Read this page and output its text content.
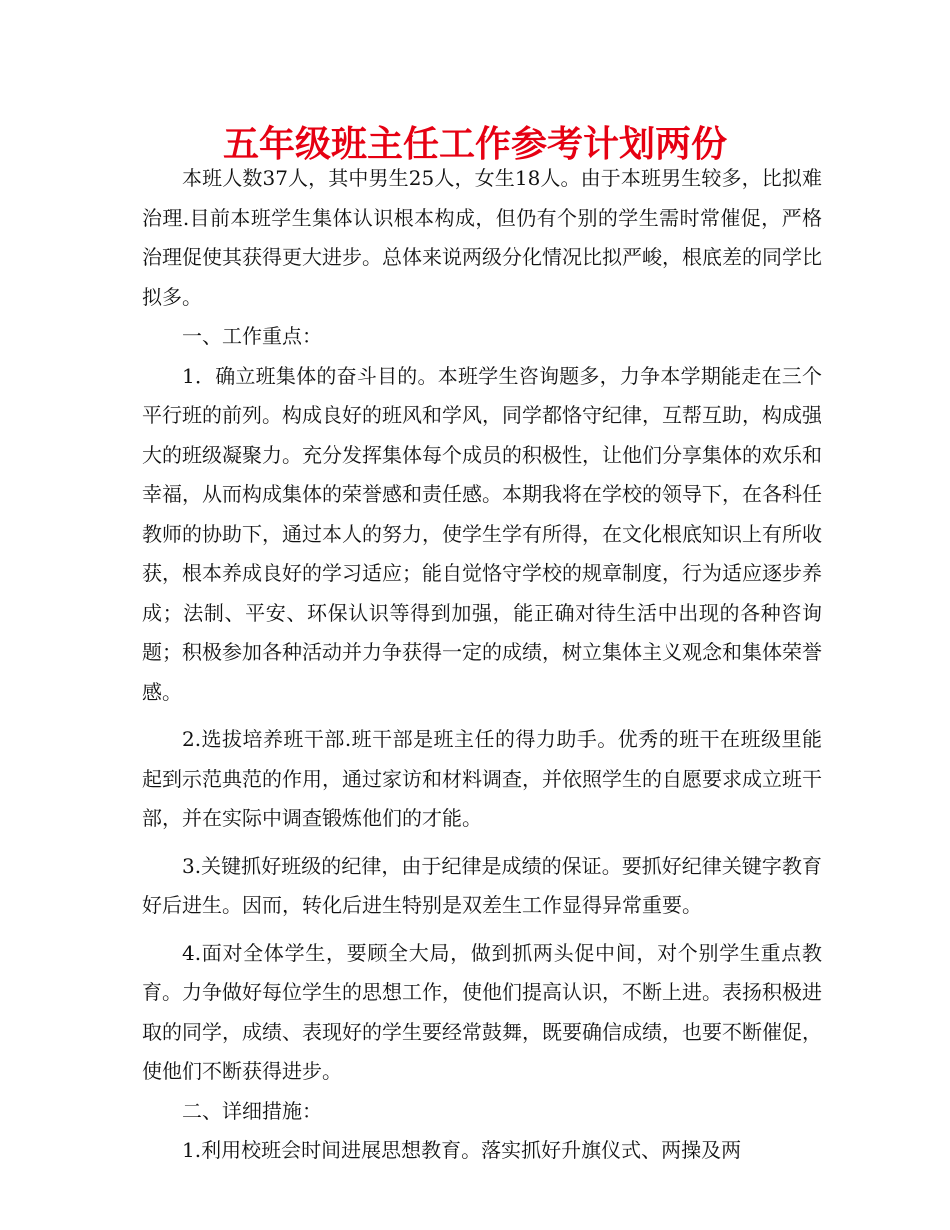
五年级班主任工作参考计划两份

本班人数37人，其中男生25人，女生18人。由于本班男生较多，比拟难治理.目前本班学生集体认识根本构成，但仍有个别的学生需时常催促，严格治理促使其获得更大进步。总体来说两级分化情况比拟严峻，根底差的同学比拟多。

一、工作重点：

1．确立班集体的奋斗目的。本班学生咨询题多，力争本学期能走在三个平行班的前列。构成良好的班风和学风，同学都恪守纪律，互帮互助，构成强大的班级凝聚力。充分发挥集体每个成员的积极性，让他们分享集体的欢乐和幸福，从而构成集体的荣誉感和责任感。本期我将在学校的领导下，在各科任教师的协助下，通过本人的努力，使学生学有所得，在文化根底知识上有所收获，根本养成良好的学习适应；能自觉恪守学校的规章制度，行为适应逐步养成；法制、平安、环保认识等得到加强，能正确对待生活中出现的各种咨询题；积极参加各种活动并力争获得一定的成绩，树立集体主义观念和集体荣誉感。

2.选拔培养班干部.班干部是班主任的得力助手。优秀的班干在班级里能起到示范典范的作用，通过家访和材料调查，并依照学生的自愿要求成立班干部，并在实际中调查锻炼他们的才能。

3.关键抓好班级的纪律，由于纪律是成绩的保证。要抓好纪律关键字教育好后进生。因而，转化后进生特别是双差生工作显得异常重要。

4.面对全体学生，要顾全大局，做到抓两头促中间，对个别学生重点教育。力争做好每位学生的思想工作，使他们提高认识，不断上进。表扬积极进取的同学，成绩、表现好的学生要经常鼓舞，既要确信成绩，也要不断催促，使他们不断获得进步。

二、详细措施：

1.利用校班会时间进展思想教育。落实抓好升旗仪式、两操及两
